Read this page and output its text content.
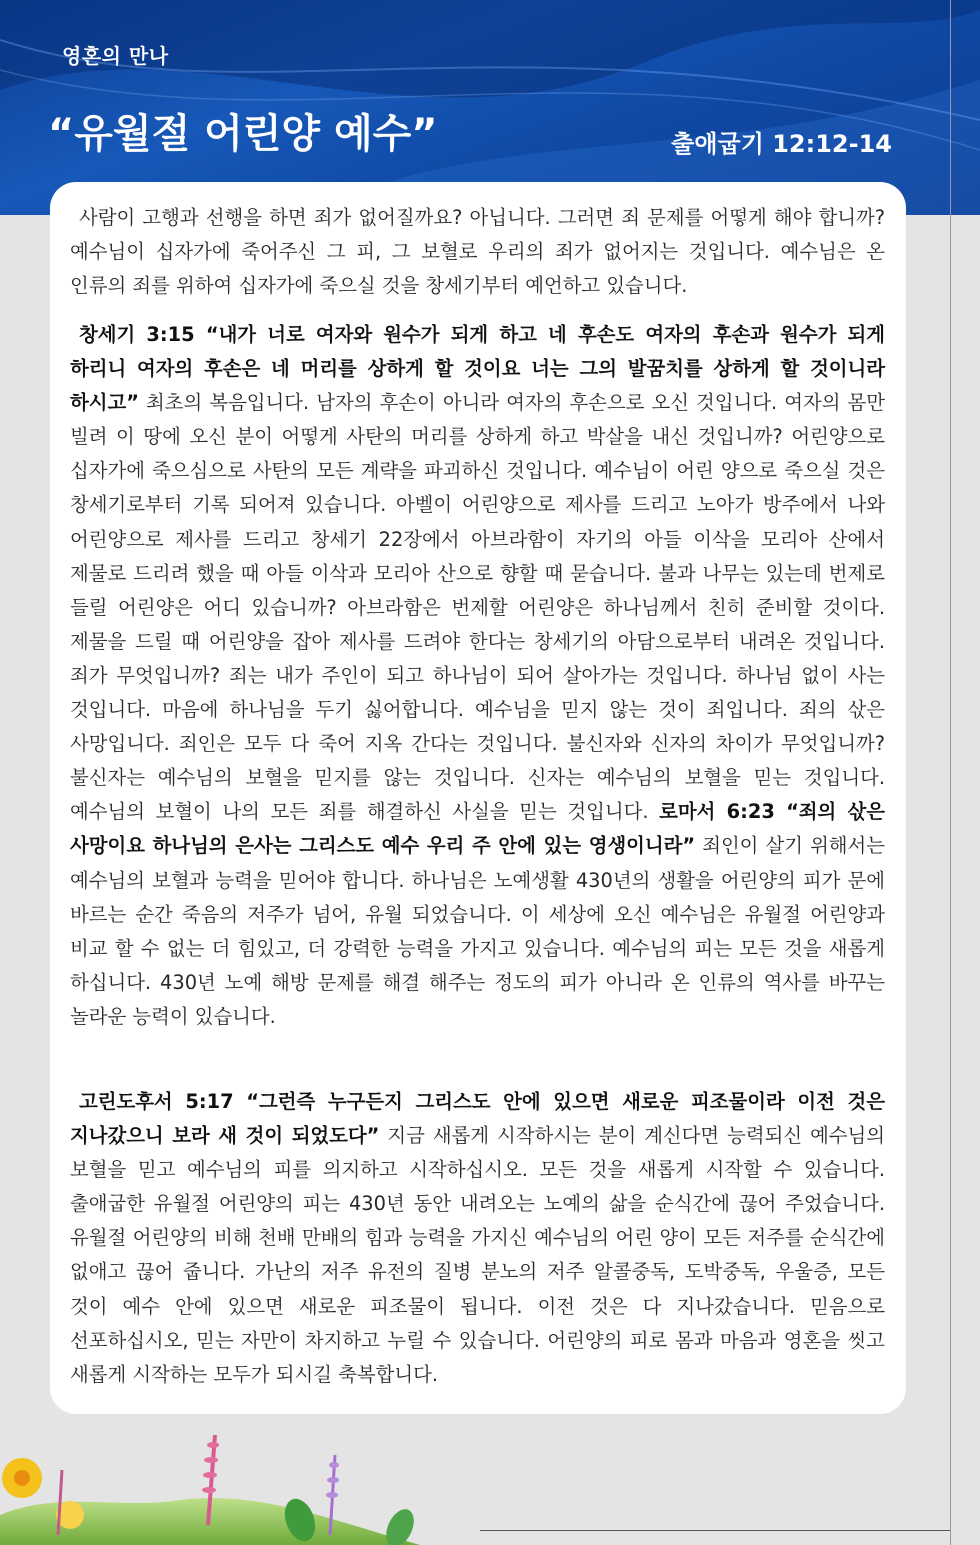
영혼의 만나
“유월절 어린양 예수”	출애굽기 12:12-14

사람이 고행과 선행을 하면 죄가 없어질까요? 아닙니다. 그러면 죄 문제를 어떻게 해야 합니까? 예수님이 십자가에 죽어주신 그 피, 그 보혈로 우리의 죄가 없어지는 것입니다. 예수님은 온 인류의 죄를 위하여 십자가에 죽으실 것을 창세기부터 예언하고 있습니다.

창세기 3:15 “내가 너로 여자와 원수가 되게 하고 네 후손도 여자의 후손과 원수가 되게 하리니 여자의 후손은 네 머리를 상하게 할 것이요 너는 그의 발꿈치를 상하게 할 것이니라 하시고” 최초의 복음입니다. 남자의 후손이 아니라 여자의 후손으로 오신 것입니다. 여자의 몸만 빌려 이 땅에 오신 분이 어떻게 사탄의 머리를 상하게 하고 박살을 내신 것입니까? 어린양으로 십자가에 죽으심으로 사탄의 모든 계략을 파괴하신 것입니다. 예수님이 어린 양으로 죽으실 것은 창세기로부터 기록 되어져 있습니다. 아벨이 어린양으로 제사를 드리고 노아가 방주에서 나와 어린양으로 제사를 드리고 창세기 22장에서 아브라함이 자기의 아들 이삭을 모리아 산에서 제물로 드리려 했을 때 아들 이삭과 모리아 산으로 향할 때 묻습니다. 불과 나무는 있는데 번제로 들릴 어린양은 어디 있습니까? 아브라함은 번제할 어린양은 하나님께서 친히 준비할 것이다. 제물을 드릴 때 어린양을 잡아 제사를 드려야 한다는 창세기의 아담으로부터 내려온 것입니다. 죄가 무엇입니까? 죄는 내가 주인이 되고 하나님이 되어 살아가는 것입니다. 하나님 없이 사는 것입니다. 마음에 하나님을 두기 싫어합니다. 예수님을 믿지 않는 것이 죄입니다. 죄의 삯은 사망입니다. 죄인은 모두 다 죽어 지옥 간다는 것입니다. 불신자와 신자의 차이가 무엇입니까? 불신자는 예수님의 보혈을 믿지를 않는 것입니다. 신자는 예수님의 보혈을 믿는 것입니다. 예수님의 보혈이 나의 모든 죄를 해결하신 사실을 믿는 것입니다. 로마서 6:23 “죄의 삯은 사망이요 하나님의 은사는 그리스도 예수 우리 주 안에 있는 영생이니라” 죄인이 살기 위해서는 예수님의 보혈과 능력을 믿어야 합니다. 하나님은 노예생활 430년의 생활을 어린양의 피가 문에 바르는 순간 죽음의 저주가 넘어, 유월 되었습니다. 이 세상에 오신 예수님은 유월절 어린양과 비교 할 수 없는 더 힘있고, 더 강력한 능력을 가지고 있습니다. 예수님의 피는 모든 것을 새롭게 하십니다. 430년 노예 해방 문제를 해결 해주는 정도의 피가 아니라 온 인류의 역사를 바꾸는 놀라운 능력이 있습니다.

고린도후서 5:17 “그런즉 누구든지 그리스도 안에 있으면 새로운 피조물이라 이전 것은 지나갔으니 보라 새 것이 되었도다” 지금 새롭게 시작하시는 분이 계신다면 능력되신 예수님의 보혈을 믿고 예수님의 피를 의지하고 시작하십시오. 모든 것을 새롭게 시작할 수 있습니다. 출애굽한 유월절 어린양의 피는 430년 동안 내려오는 노예의 삶을 순식간에 끊어 주었습니다. 유월절 어린양의 비해 천배 만배의 힘과 능력을 가지신 예수님의 어린 양이 모든 저주를 순식간에 없애고 끊어 줍니다. 가난의 저주 유전의 질병 분노의 저주 알콜중독, 도박중독, 우울증, 모든 것이 예수 안에 있으면 새로운 피조물이 됩니다. 이전 것은 다 지나갔습니다. 믿음으로 선포하십시오, 믿는 자만이 차지하고 누릴 수 있습니다. 어린양의 피로 몸과 마음과 영혼을 씻고 새롭게 시작하는 모두가 되시길 축복합니다.
